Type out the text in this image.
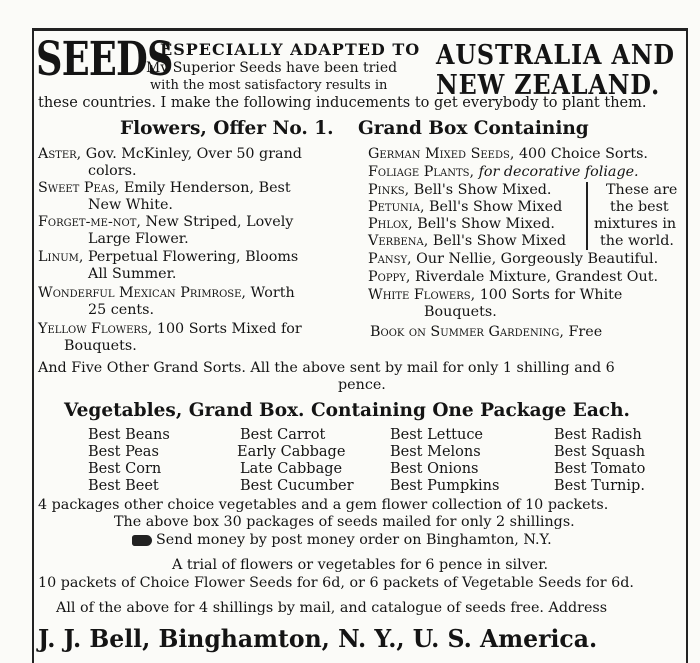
SEEDS
ESPECIALLY ADAPTED TO
My Superior Seeds have been tried
with the most satisfactory results in
AUSTRALIA AND
NEW ZEALAND.
these countries. I make the following inducements to get everybody to plant them.
Flowers, Offer No. 1. Grand Box Containing
Aster, Gov. McKinley, Over 50 grand
colors.
Sweet Peas, Emily Henderson, Best
New White.
Forget-me-not, New Striped, Lovely
Large Flower.
Linum, Perpetual Flowering, Blooms
All Summer.
Wonderful Mexican Primrose, Worth
25 cents.
Yellow Flowers, 100 Sorts Mixed for
Bouquets.
German Mixed Seeds, 400 Choice Sorts.
Foliage Plants, for decorative foliage.
Pinks, Bell's Show Mixed.
Petunia, Bell's Show Mixed
Phlox, Bell's Show Mixed.
Verbena, Bell's Show Mixed
Pansy, Our Nellie, Gorgeously Beautiful.
Poppy, Riverdale Mixture, Grandest Out.
White Flowers, 100 Sorts for White
Bouquets.
Book on Summer Gardening, Free
These are
the best
mixtures in
the world.
And Five Other Grand Sorts. All the above sent by mail for only 1 shilling and 6
pence.
Vegetables, Grand Box. Containing One Package Each.
Best Beans
Best Peas
Best Corn
Best Beet
Best Carrot
Early Cabbage
Late Cabbage
Best Cucumber
Best Lettuce
Best Melons
Best Onions
Best Pumpkins
Best Radish
Best Squash
Best Tomato
Best Turnip.
4 packages other choice vegetables and a gem flower collection of 10 packets.
The above box 30 packages of seeds mailed for only 2 shillings.
Send money by post money order on Binghamton, N.Y.
A trial of flowers or vegetables for 6 pence in silver.
10 packets of Choice Flower Seeds for 6d, or 6 packets of Vegetable Seeds for 6d.
All of the above for 4 shillings by mail, and catalogue of seeds free. Address
J. J. Bell, Binghamton, N. Y., U. S. America.
